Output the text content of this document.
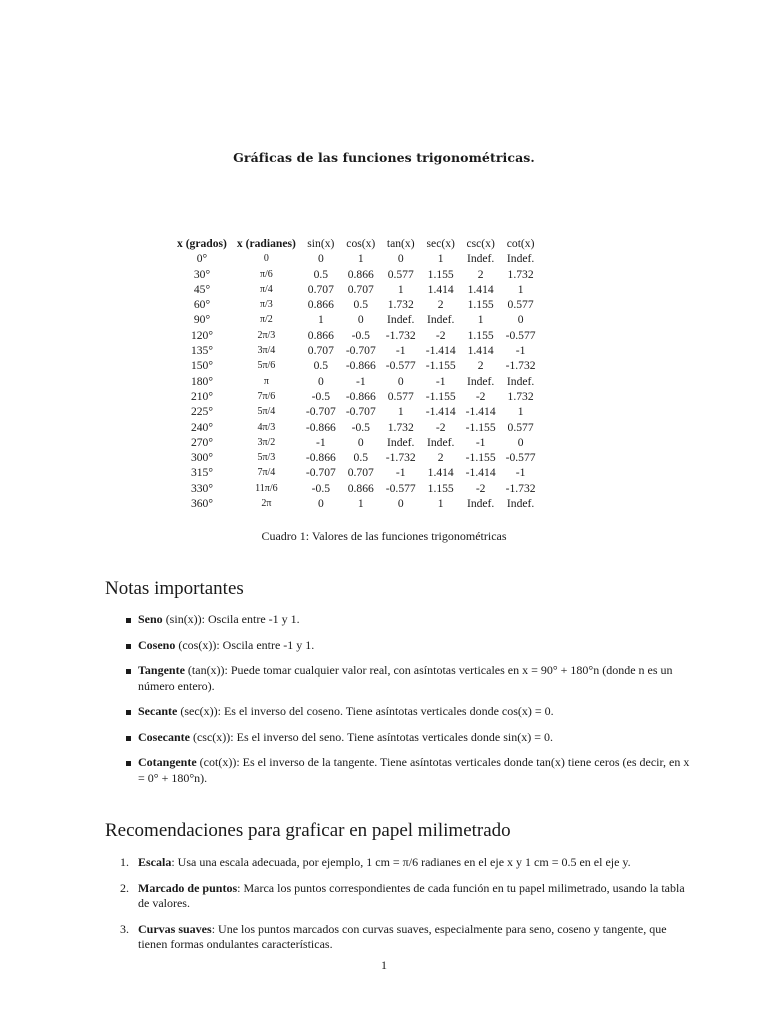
Gráficas de las funciones trigonométricas.
x (grados)	x (radianes)	sin(x)	cos(x)	tan(x)	sec(x)	csc(x)	cot(x)
0°	0	0	1	0	1	Indef.	Indef.
30°	π/6	0.5	0.866	0.577	1.155	2	1.732
45°	π/4	0.707	0.707	1	1.414	1.414	1
60°	π/3	0.866	0.5	1.732	2	1.155	0.577
90°	π/2	1	0	Indef.	Indef.	1	0
120°	2π/3	0.866	-0.5	-1.732	-2	1.155	-0.577
135°	3π/4	0.707	-0.707	-1	-1.414	1.414	-1
150°	5π/6	0.5	-0.866	-0.577	-1.155	2	-1.732
180°	π	0	-1	0	-1	Indef.	Indef.
210°	7π/6	-0.5	-0.866	0.577	-1.155	-2	1.732
225°	5π/4	-0.707	-0.707	1	-1.414	-1.414	1
240°	4π/3	-0.866	-0.5	1.732	-2	-1.155	0.577
270°	3π/2	-1	0	Indef.	Indef.	-1	0
300°	5π/3	-0.866	0.5	-1.732	2	-1.155	-0.577
315°	7π/4	-0.707	0.707	-1	1.414	-1.414	-1
330°	11π/6	-0.5	0.866	-0.577	1.155	-2	-1.732
360°	2π	0	1	0	1	Indef.	Indef.
Cuadro 1: Valores de las funciones trigonométricas
Notas importantes
Seno (sin(x)): Oscila entre -1 y 1.
Coseno (cos(x)): Oscila entre -1 y 1.
Tangente (tan(x)): Puede tomar cualquier valor real, con asíntotas verticales en x = 90° + 180°n (donde n es un número entero).
Secante (sec(x)): Es el inverso del coseno. Tiene asíntotas verticales donde cos(x) = 0.
Cosecante (csc(x)): Es el inverso del seno. Tiene asíntotas verticales donde sin(x) = 0.
Cotangente (cot(x)): Es el inverso de la tangente. Tiene asíntotas verticales donde tan(x) tiene ceros (es decir, en x = 0° + 180°n).
Recomendaciones para graficar en papel milimetrado
1. Escala: Usa una escala adecuada, por ejemplo, 1 cm = π/6 radianes en el eje x y 1 cm = 0.5 en el eje y.
2. Marcado de puntos: Marca los puntos correspondientes de cada función en tu papel milimetrado, usando la tabla de valores.
3. Curvas suaves: Une los puntos marcados con curvas suaves, especialmente para seno, coseno y tangente, que tienen formas ondulantes características.
1
